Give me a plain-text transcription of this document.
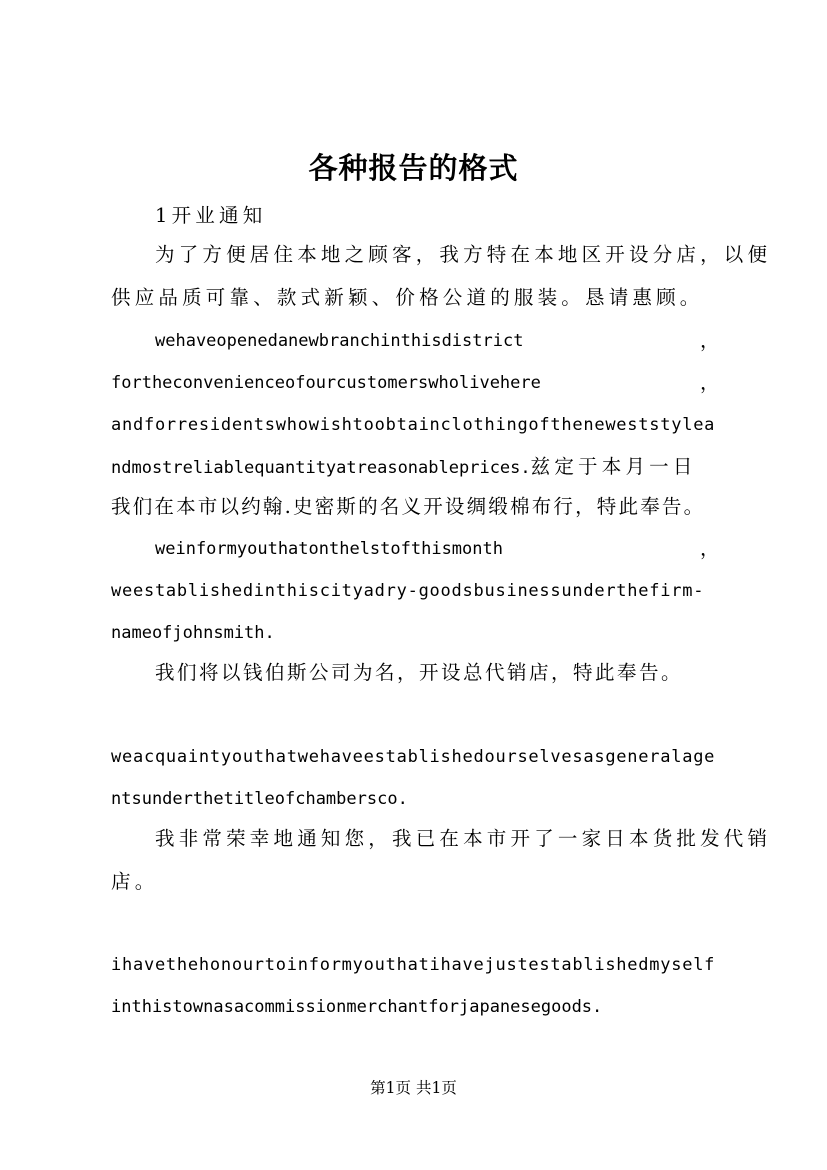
各种报告的格式
1开业通知
为了方便居住本地之顾客，我方特在本地区开设分店，以便
供应品质可靠、款式新颖、价格公道的服装。恳请惠顾。
wehaveopenedanewbranchinthisdistrict	，
fortheconvenienceofourcustomerswholivehere	，
andforresidentswhowishtoobtainclothingoftheneweststylea
ndmostreliablequantityatreasonableprices.兹定于本月一日
我们在本市以约翰.史密斯的名义开设绸缎棉布行，特此奉告。
weinformyouthatonthelstofthismonth	，
weestablishedinthiscityadry-goodsbusinessunderthefirm-
nameofjohnsmith.
我们将以钱伯斯公司为名，开设总代销店，特此奉告。
weacquaintyouthatwehaveestablishedourselvesasgeneralage
ntsunderthetitleofchambersco.
我非常荣幸地通知您，我已在本市开了一家日本货批发代销
店。
ihavethehonourtoinformyouthatihavejustestablishedmyself
inthistownasacommissionmerchantforjapanesegoods.
第1页 共1页
